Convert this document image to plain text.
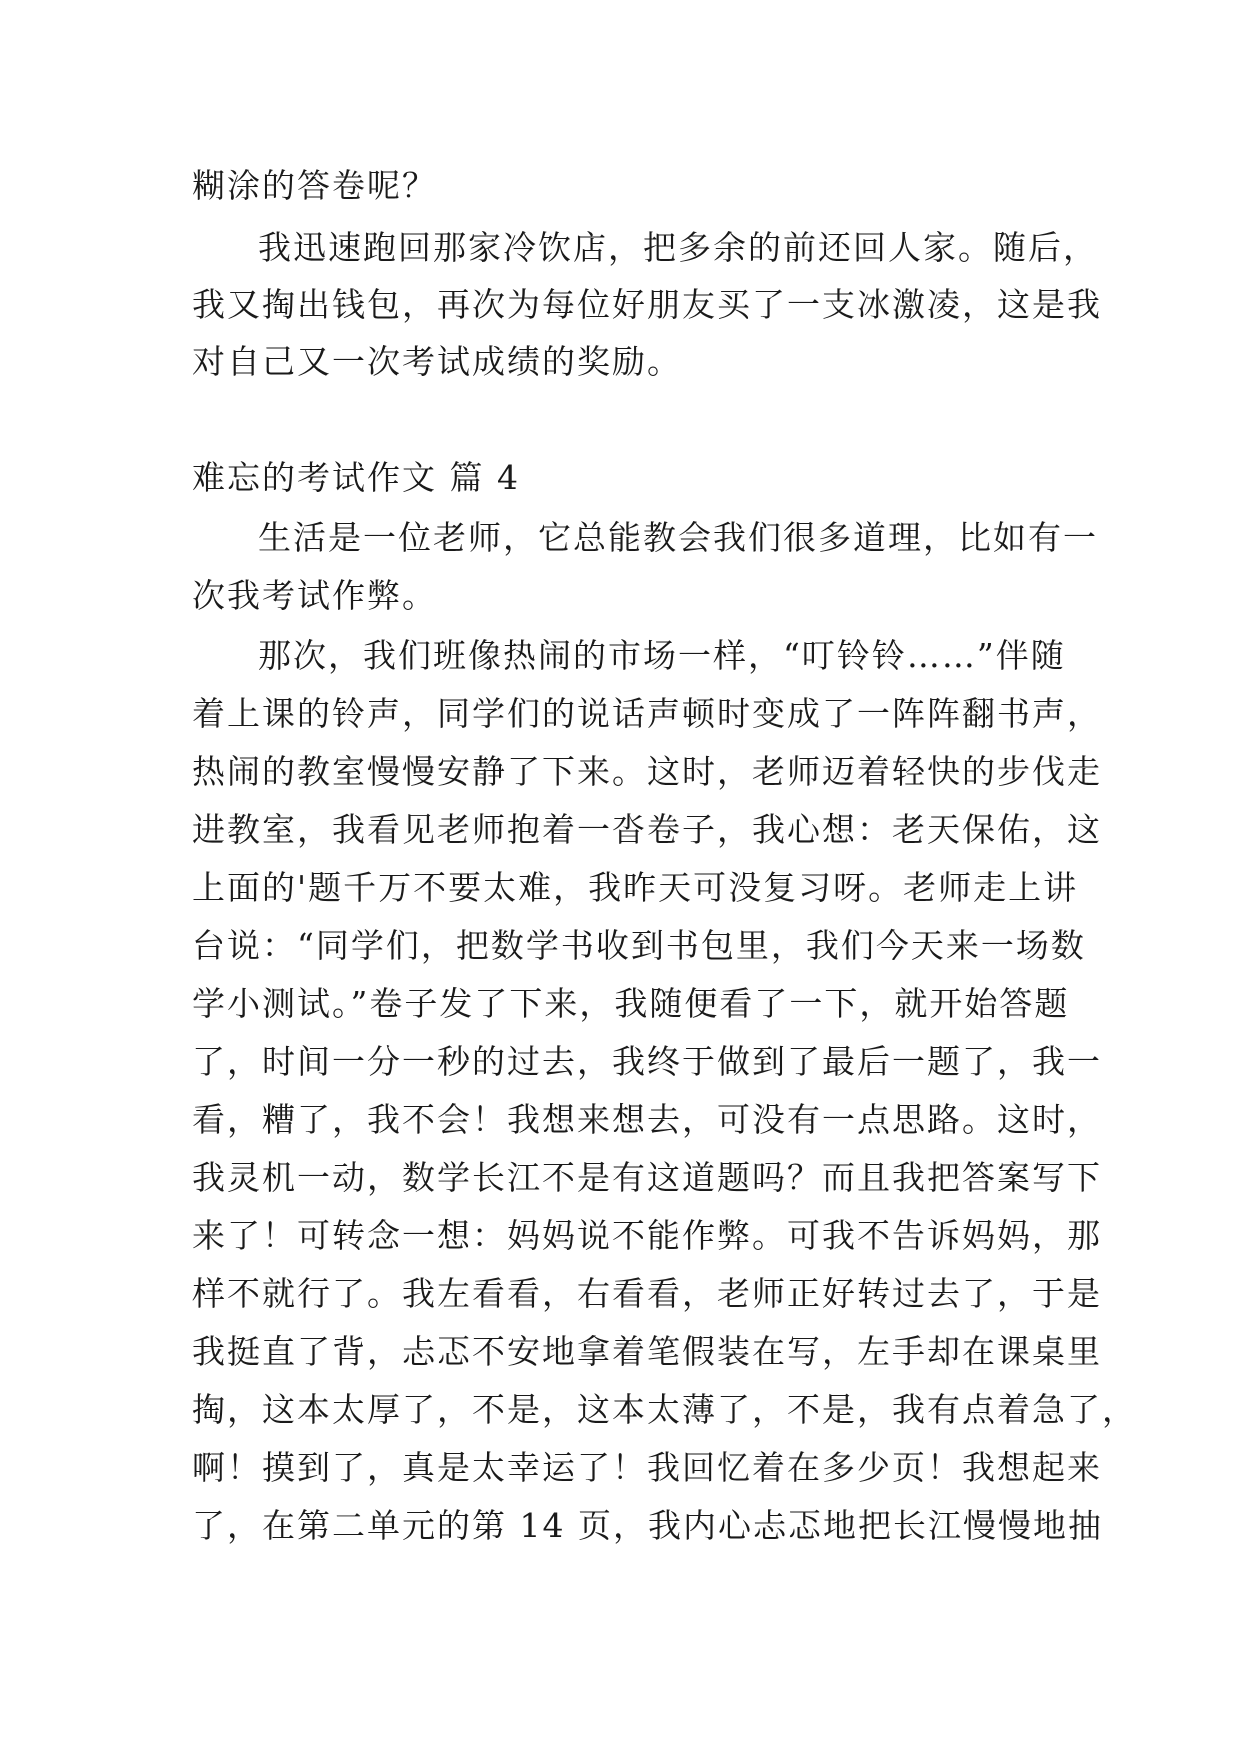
糊涂的答卷呢？
我迅速跑回那家冷饮店，把多余的前还回人家。随后，
我又掏出钱包，再次为每位好朋友买了一支冰激凌，这是我
对自己又一次考试成绩的奖励。
难忘的考试作文 篇 4
生活是一位老师，它总能教会我们很多道理，比如有一
次我考试作弊。
那次，我们班像热闹的市场一样，“叮铃铃……”伴随
着上课的铃声，同学们的说话声顿时变成了一阵阵翻书声，
热闹的教室慢慢安静了下来。这时，老师迈着轻快的步伐走
进教室，我看见老师抱着一沓卷子，我心想：老天保佑，这
上面的'题千万不要太难，我昨天可没复习呀。老师走上讲
台说：“同学们，把数学书收到书包里，我们今天来一场数
学小测试。”卷子发了下来，我随便看了一下，就开始答题
了，时间一分一秒的过去，我终于做到了最后一题了，我一
看，糟了，我不会！我想来想去，可没有一点思路。这时，
我灵机一动，数学长江不是有这道题吗？而且我把答案写下
来了！可转念一想：妈妈说不能作弊。可我不告诉妈妈，那
样不就行了。我左看看，右看看，老师正好转过去了，于是
我挺直了背，忐忑不安地拿着笔假装在写，左手却在课桌里
掏，这本太厚了，不是，这本太薄了，不是，我有点着急了，
啊！摸到了，真是太幸运了！我回忆着在多少页！我想起来
了，在第二单元的第 14 页，我内心忐忑地把长江慢慢地抽
